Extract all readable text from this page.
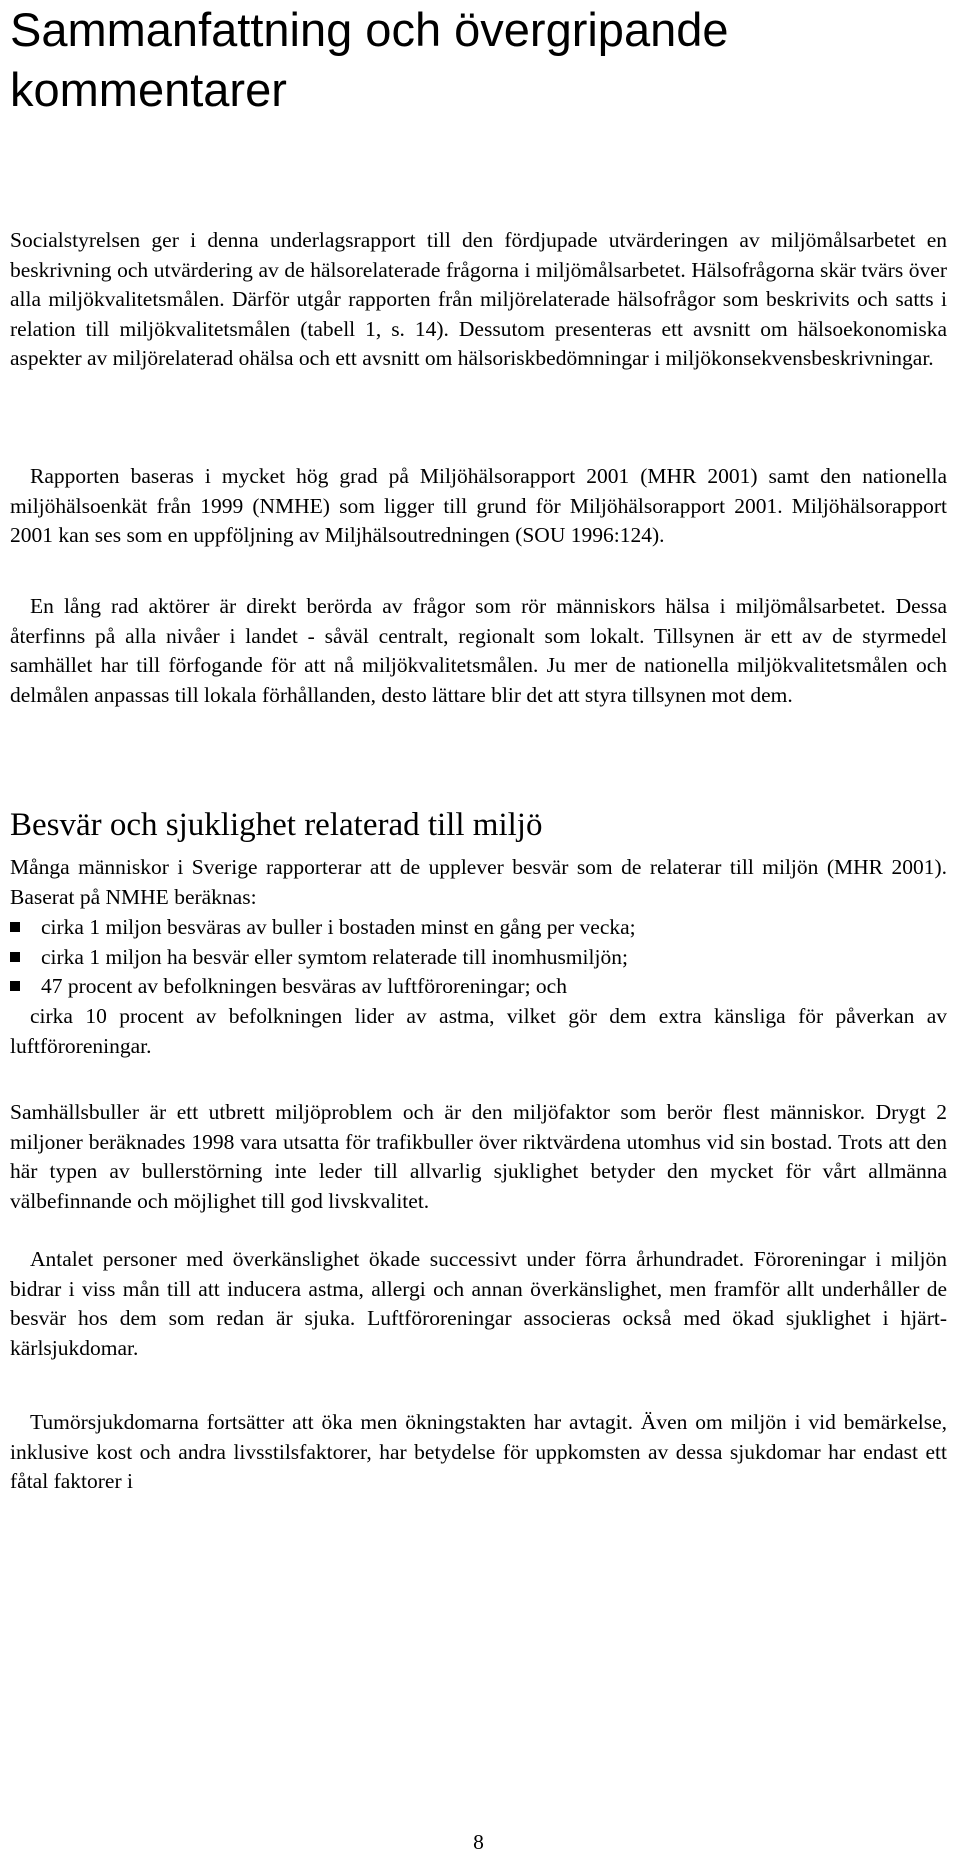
Sammanfattning och övergripande kommentarer

Socialstyrelsen ger i denna underlagsrapport till den fördjupade utvärderingen av miljömålsarbetet en beskrivning och utvärdering av de hälsorelaterade frågorna i miljömålsarbetet. Hälsofrågorna skär tvärs över alla miljökvalitetsmålen. Därför utgår rapporten från miljörelaterade hälsofrågor som beskrivits och satts i relation till miljökvalitetsmålen (tabell 1, s. 14). Dessutom presenteras ett avsnitt om hälsoekonomiska aspekter av miljörelaterad ohälsa och ett avsnitt om hälsoriskbedömningar i miljökonsekvensbeskrivningar.

Rapporten baseras i mycket hög grad på Miljöhälsorapport 2001 (MHR 2001) samt den nationella miljöhälsoenkät från 1999 (NMHE) som ligger till grund för Miljöhälsorapport 2001. Miljöhälsorapport 2001 kan ses som en uppföljning av Miljhälsoutredningen (SOU 1996:124).

En lång rad aktörer är direkt berörda av frågor som rör människors hälsa i miljömålsarbetet. Dessa återfinns på alla nivåer i landet - såväl centralt, regionalt som lokalt. Tillsynen är ett av de styrmedel samhället har till förfogande för att nå miljökvalitetsmålen. Ju mer de nationella miljökvalitetsmålen och delmålen anpassas till lokala förhållanden, desto lättare blir det att styra tillsynen mot dem.

Besvär och sjuklighet relaterad till miljö

Många människor i Sverige rapporterar att de upplever besvär som de relaterar till miljön (MHR 2001). Baserat på NMHE beräknas:

cirka 1 miljon besväras av buller i bostaden minst en gång per vecka;
cirka 1 miljon ha besvär eller symtom relaterade till inomhusmiljön;
47 procent av befolkningen besväras av luftföroreningar; och

cirka 10 procent av befolkningen lider av astma, vilket gör dem extra känsliga för påverkan av luftföroreningar.

Samhällsbuller är ett utbrett miljöproblem och är den miljöfaktor som berör flest människor. Drygt 2 miljoner beräknades 1998 vara utsatta för trafikbuller över riktvärdena utomhus vid sin bostad. Trots att den här typen av bullerstörning inte leder till allvarlig sjuklighet betyder den mycket för vårt allmänna välbefinnande och möjlighet till god livskvalitet.

Antalet personer med överkänslighet ökade successivt under förra århundradet. Föroreningar i miljön bidrar i viss mån till att inducera astma, allergi och annan överkänslighet, men framför allt underhåller de besvär hos dem som redan är sjuka. Luftföroreningar associeras också med ökad sjuklighet i hjärt-kärlsjukdomar.

Tumörsjukdomarna fortsätter att öka men ökningstakten har avtagit. Även om miljön i vid bemärkelse, inklusive kost och andra livsstilsfaktorer, har betydelse för uppkomsten av dessa sjukdomar har endast ett fåtal faktorer i

8
